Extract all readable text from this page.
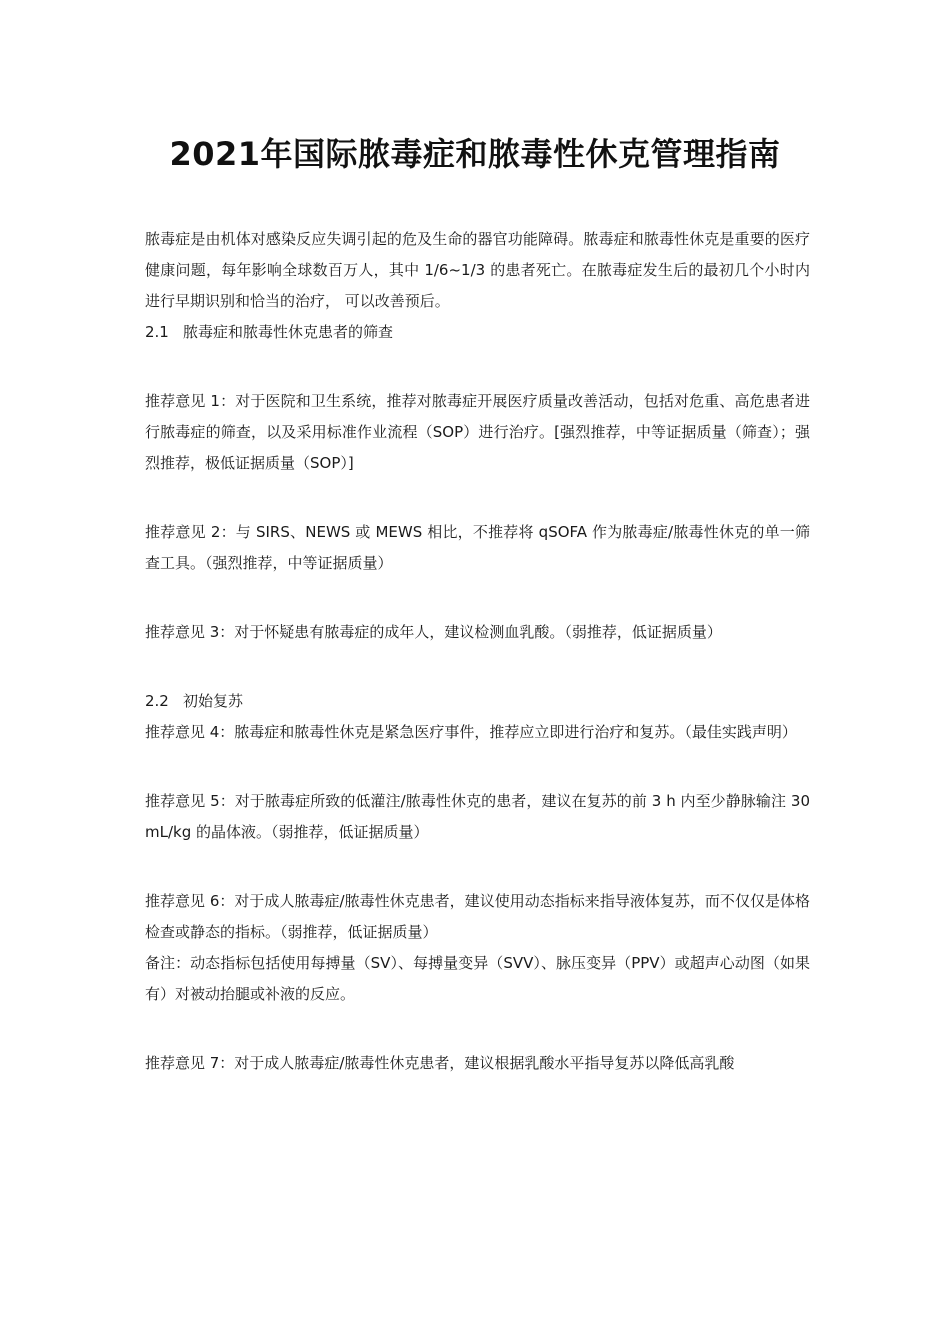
2021年国际脓毒症和脓毒性休克管理指南

脓毒症是由机体对感染反应失调引起的危及生命的器官功能障碍。脓毒症和脓毒性休克是重要的医疗健康问题，每年影响全球数百万人，其中 1/6~1/3 的患者死亡。在脓毒症发生后的最初几个小时内进行早期识别和恰当的治疗， 可以改善预后。

2.1 脓毒症和脓毒性休克患者的筛查

推荐意见 1：对于医院和卫生系统，推荐对脓毒症开展医疗质量改善活动，包括对危重、高危患者进行脓毒症的筛查，以及采用标准作业流程（SOP）进行治疗。[强烈推荐，中等证据质量（筛查）；强烈推荐，极低证据质量（SOP）]

推荐意见 2：与 SIRS、NEWS 或 MEWS 相比，不推荐将 qSOFA 作为脓毒症/脓毒性休克的单一筛查工具。（强烈推荐，中等证据质量）

推荐意见 3：对于怀疑患有脓毒症的成年人，建议检测血乳酸。（弱推荐，低证据质量）

2.2 初始复苏

推荐意见 4：脓毒症和脓毒性休克是紧急医疗事件，推荐应立即进行治疗和复苏。（最佳实践声明）

推荐意见 5：对于脓毒症所致的低灌注/脓毒性休克的患者，建议在复苏的前 3 h 内至少静脉输注 30 mL/kg 的晶体液。（弱推荐，低证据质量）

推荐意见 6：对于成人脓毒症/脓毒性休克患者，建议使用动态指标来指导液体复苏，而不仅仅是体格检查或静态的指标。（弱推荐，低证据质量）

备注：动态指标包括使用每搏量（SV）、每搏量变异（SVV）、脉压变异（PPV）或超声心动图（如果有）对被动抬腿或补液的反应。

推荐意见 7：对于成人脓毒症/脓毒性休克患者，建议根据乳酸水平指导复苏以降低高乳酸
